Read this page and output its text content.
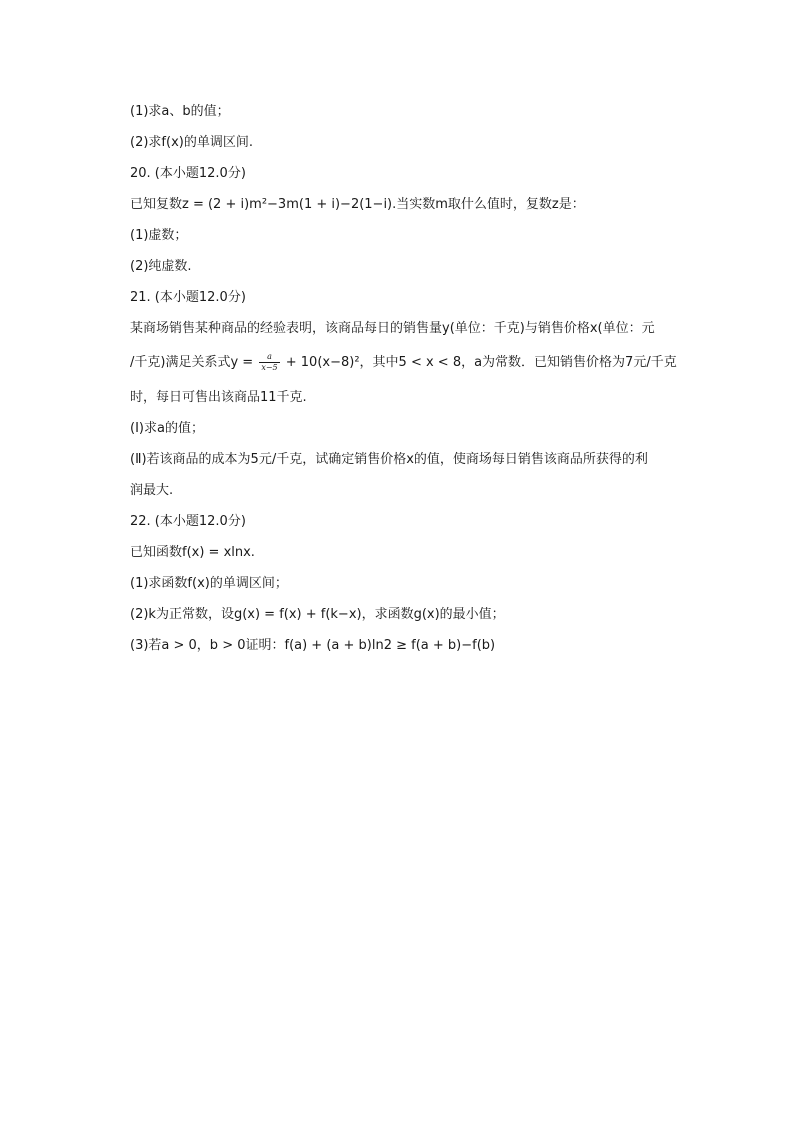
(1)求a、b的值；
(2)求f(x)的单调区间.
20. (本小题12.0分)
已知复数z = (2 + i)m²−3m(1 + i)−2(1−i).当实数m取什么值时，复数z是：
(1)虚数；
(2)纯虚数.
21. (本小题12.0分)
某商场销售某种商品的经验表明，该商品每日的销售量y(单位：千克)与销售价格x(单位：元
/千克)满足关系式$y = \frac{a}{x-5} + 10(x-8)^2$，其中5 < x < 8，a为常数．已知销售价格为7元/千克
时，每日可售出该商品11千克.
(Ⅰ)求a的值；
(Ⅱ)若该商品的成本为5元/千克，试确定销售价格x的值，使商场每日销售该商品所获得的利
润最大.
22. (本小题12.0分)
已知函数f(x) = xlnx.
(1)求函数f(x)的单调区间；
(2)k为正常数，设g(x) = f(x) + f(k−x)，求函数g(x)的最小值；
(3)若a > 0，b > 0证明：f(a) + (a + b)ln2 ≥ f(a + b)−f(b)
